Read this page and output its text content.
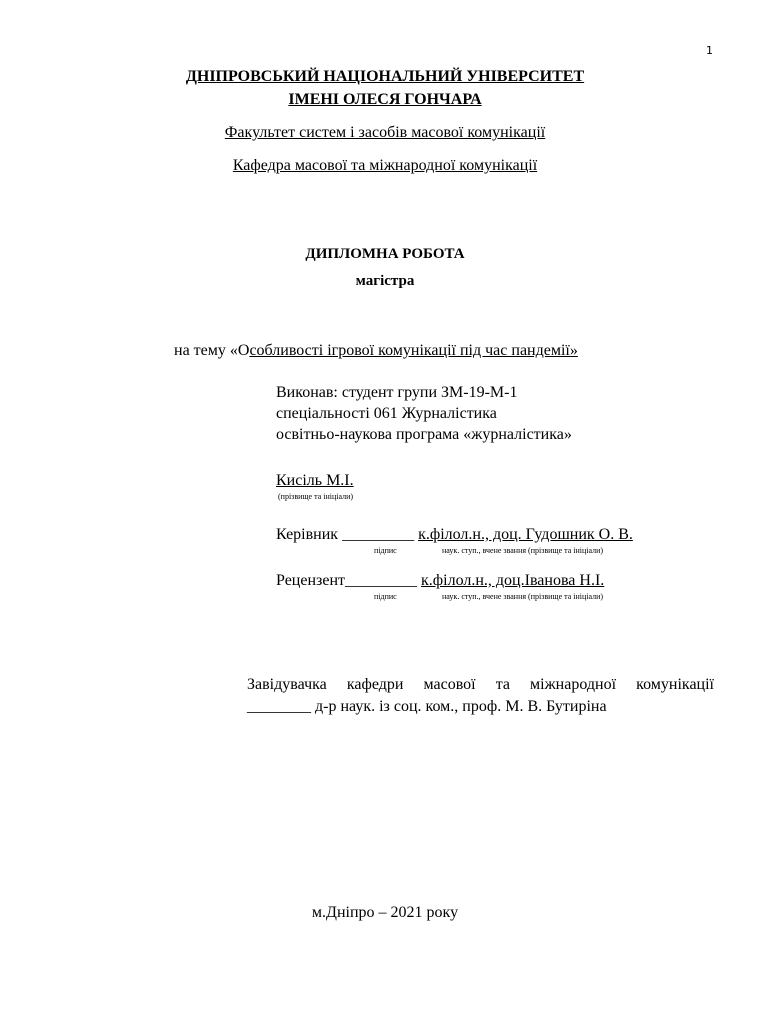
1
ДНІПРОВСЬКИЙ НАЦІОНАЛЬНИЙ УНІВЕРСИТЕТ
ІМЕНІ ОЛЕСЯ ГОНЧАРА
Факультет систем і засобів масової комунікації
Кафедра масової та міжнародної комунікації
ДИПЛОМНА РОБОТА
магістра
на тему «Особливості ігрової комунікації під час пандемії»
Виконав: студент групи ЗМ-19-М-1
спеціальності 061 Журналістика
освітньо-наукова програма «журналістика»
Кисіль М.І.
(прізвище та ініціали)
Керівник _________ к.філол.н., доц. Гудошник О. В.
підпис	наук. ступ., вчене звання (прізвище та ініціали)
Рецензент_________ к.філол.н., доц.Іванова Н.І.
підпис	наук. ступ., вчене звання (прізвище та ініціали)
Завідувачка кафедри масової та міжнародної комунікації
________ д-р наук. із соц. ком., проф. М. В. Бутиріна
м.Дніпро – 2021 року
